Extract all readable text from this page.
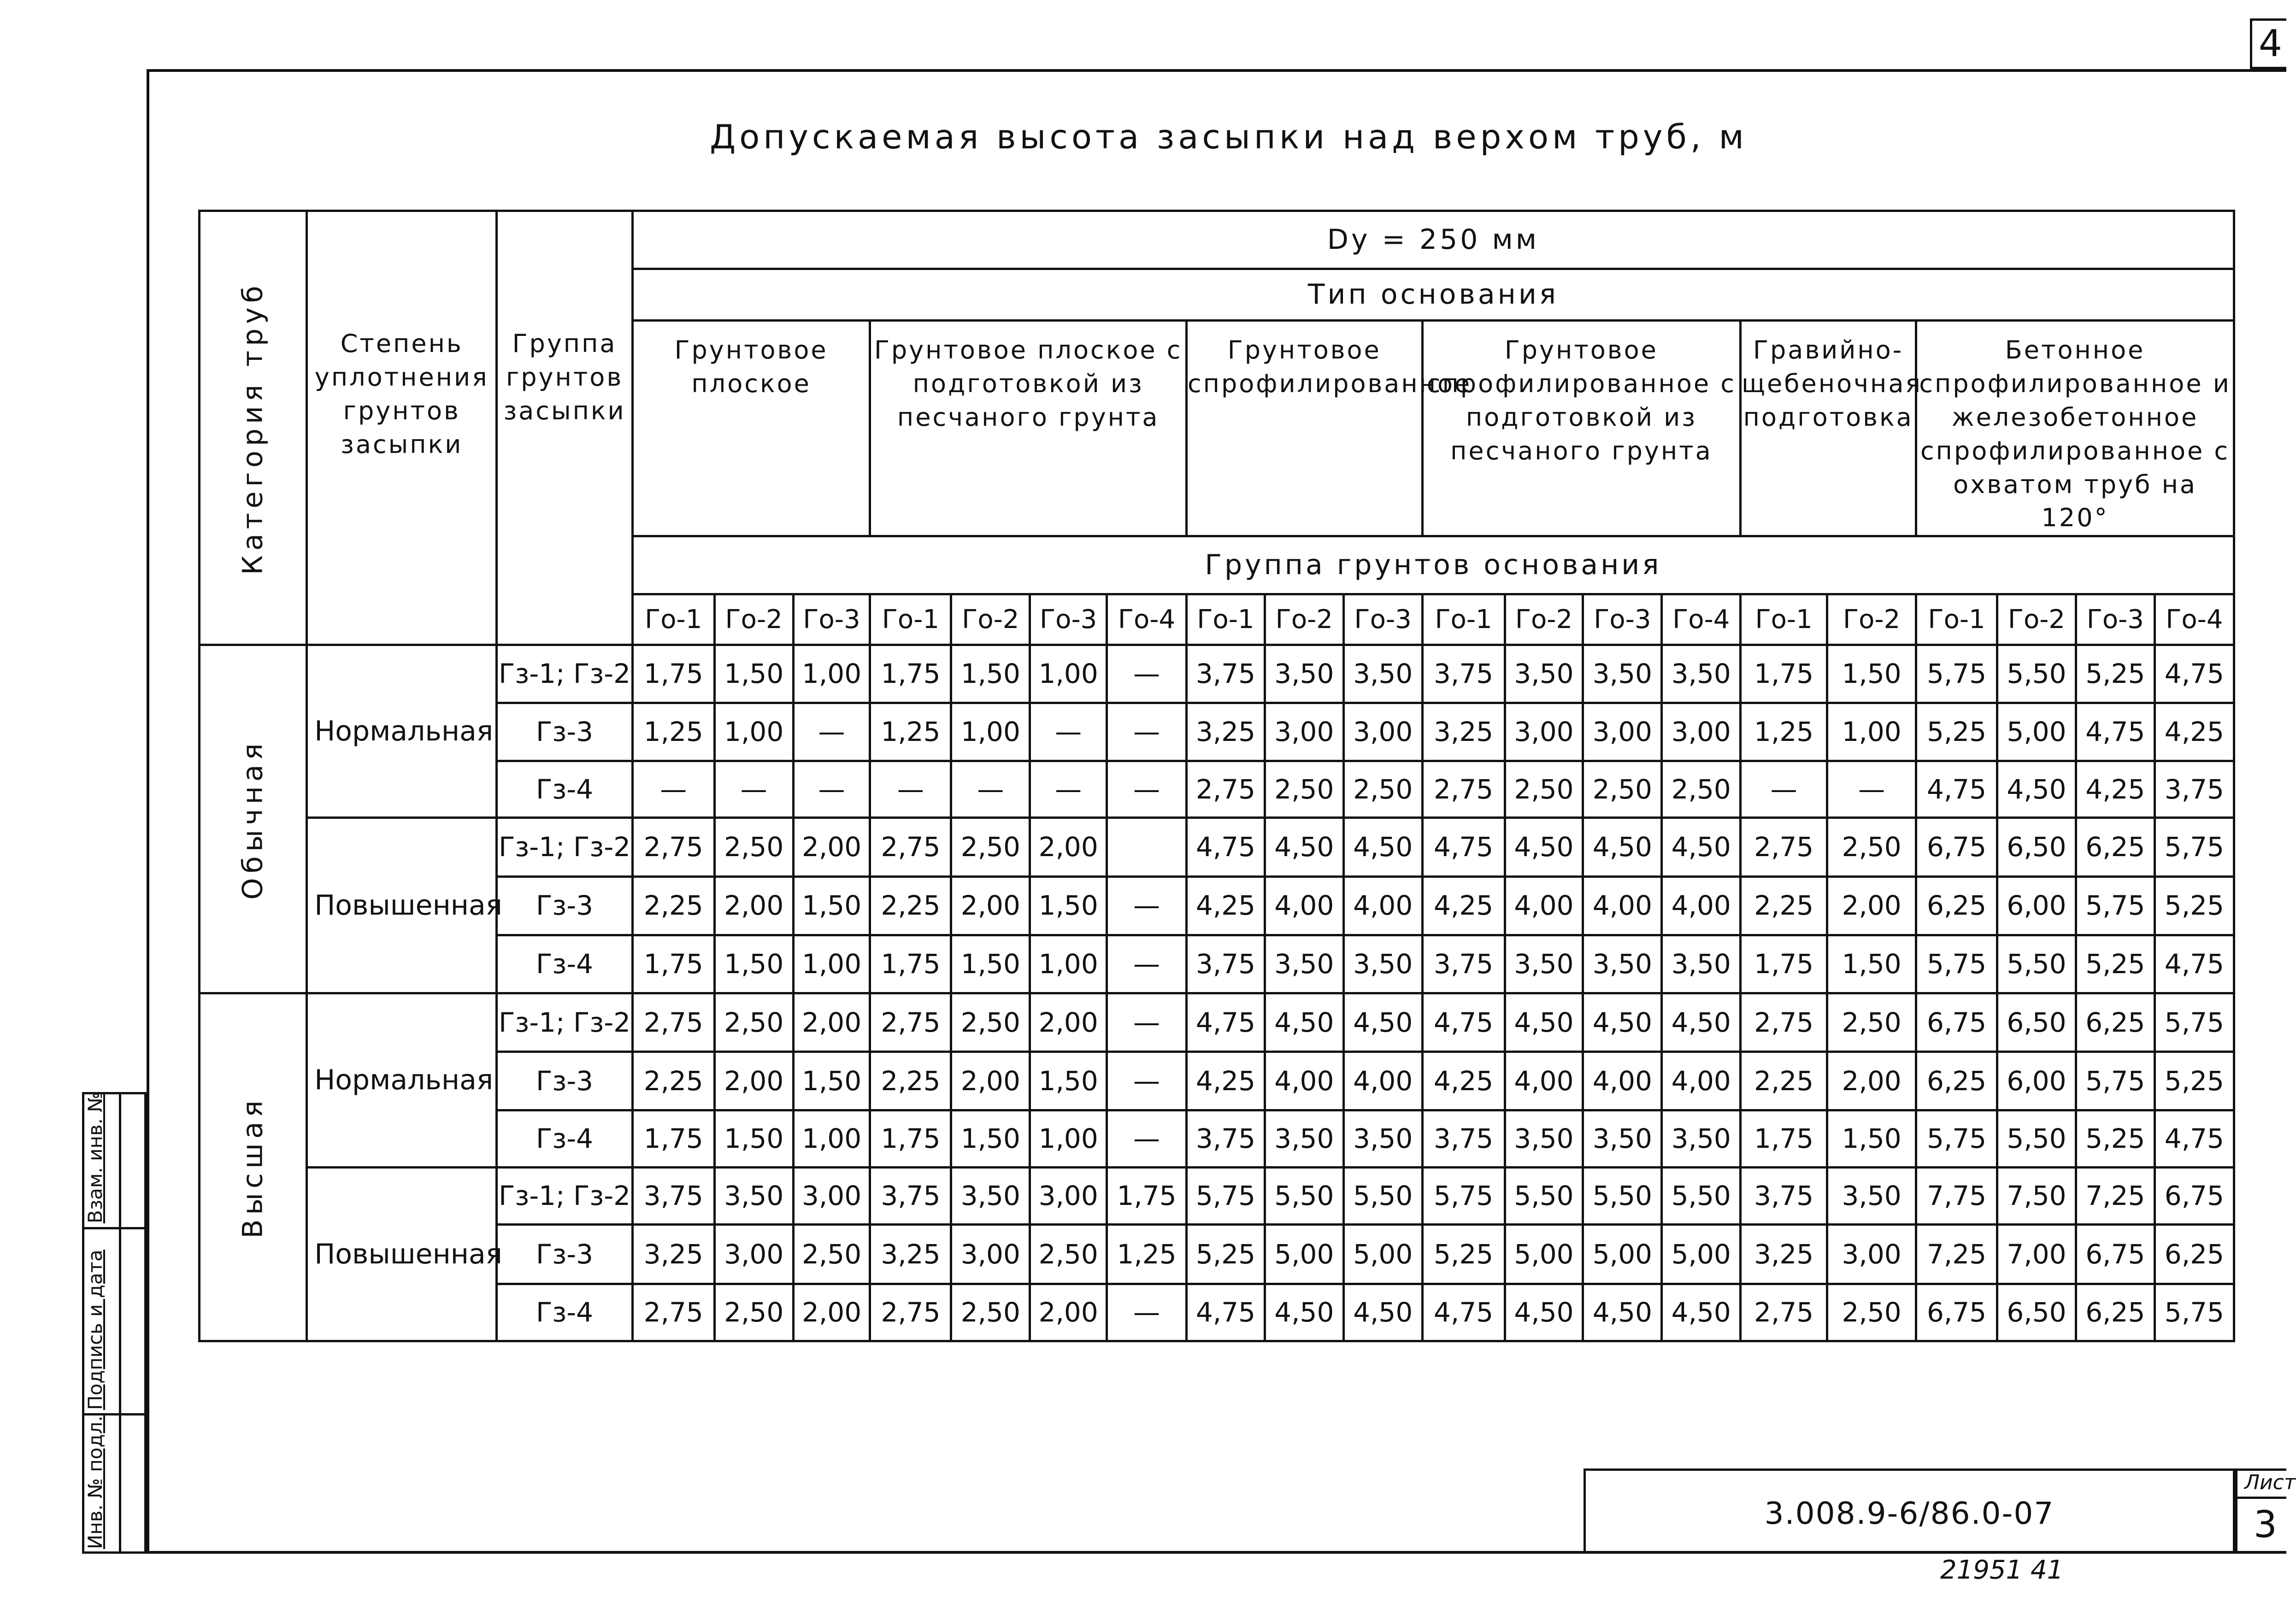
4
Допускаемая высота засыпки над верхом труб, м
Категория труб	Степень уплотнения грунтов засыпки	Группа грунтов засыпки	Dy = 250 мм																			
			Тип основания																			
			Грунтовое плоское			Грунтовое плоское с подготовкой из песчаного грунта				Грунтовое спрофилированное			Грунтовое спрофилированное с подготовкой из песчаного грунта				Гравийно-щебеночная подготовка		Бетонное спрофилированное и железобетонное спрофилированное с охватом труб на 120°			
			Группа грунтов основания																			
			Го-1	Го-2	Го-3	Го-1	Го-2	Го-3	Го-4	Го-1	Го-2	Го-3	Го-1	Го-2	Го-3	Го-4	Го-1	Го-2	Го-1	Го-2	Го-3	Го-4

Обычная	Нормальная	Гз-1; Гз-2	1,75	1,50	1,00	1,75	1,50	1,00	—	3,75	3,50	3,50	3,75	3,50	3,50	3,50	1,75	1,50	5,75	5,50	5,25	4,75
		Гз-3	1,25	1,00	—	1,25	1,00	—	—	3,25	3,00	3,00	3,25	3,00	3,00	3,00	1,25	1,00	5,25	5,00	4,75	4,25
		Гз-4	—	—	—	—	—	—	—	2,75	2,50	2,50	2,75	2,50	2,50	2,50	—	—	4,75	4,50	4,25	3,75
	Повышенная	Гз-1; Гз-2	2,75	2,50	2,00	2,75	2,50	2,00		4,75	4,50	4,50	4,75	4,50	4,50	4,50	2,75	2,50	6,75	6,50	6,25	5,75
		Гз-3	2,25	2,00	1,50	2,25	2,00	1,50	—	4,25	4,00	4,00	4,25	4,00	4,00	4,00	2,25	2,00	6,25	6,00	5,75	5,25
		Гз-4	1,75	1,50	1,00	1,75	1,50	1,00	—	3,75	3,50	3,50	3,75	3,50	3,50	3,50	1,75	1,50	5,75	5,50	5,25	4,75

Высшая	Нормальная	Гз-1; Гз-2	2,75	2,50	2,00	2,75	2,50	2,00	—	4,75	4,50	4,50	4,75	4,50	4,50	4,50	2,75	2,50	6,75	6,50	6,25	5,75
		Гз-3	2,25	2,00	1,50	2,25	2,00	1,50	—	4,25	4,00	4,00	4,25	4,00	4,00	4,00	2,25	2,00	6,25	6,00	5,75	5,25
		Гз-4	1,75	1,50	1,00	1,75	1,50	1,00	—	3,75	3,50	3,50	3,75	3,50	3,50	3,50	1,75	1,50	5,75	5,50	5,25	4,75
	Повышенная	Гз-1; Гз-2	3,75	3,50	3,00	3,75	3,50	3,00	1,75	5,75	5,50	5,50	5,75	5,50	5,50	5,50	3,75	3,50	7,75	7,50	7,25	6,75
		Гз-3	3,25	3,00	2,50	3,25	3,00	2,50	1,25	5,25	5,00	5,00	5,25	5,00	5,00	5,00	3,25	3,00	7,25	7,00	6,75	6,25
		Гз-4	2,75	2,50	2,00	2,75	2,50	2,00	—	4,75	4,50	4,50	4,75	4,50	4,50	4,50	2,75	2,50	6,75	6,50	6,25	5,75
Взам. инв. №
Подпись и дата
Инв. № подл.	3.008.9-6/86.0-07
Лист
3
21951 41
